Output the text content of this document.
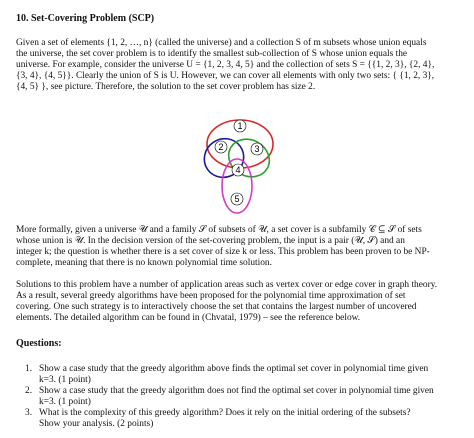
10. Set-Covering Problem (SCP)
Given a set of elements {1, 2, …, n} (called the universe) and a collection S of m subsets whose union equals
the universe, the set cover problem is to identify the smallest sub-collection of S whose union equals the
universe. For example, consider the universe U = {1, 2, 3, 4, 5} and the collection of sets S = {{1, 2, 3}, {2, 4},
{3, 4}, {4, 5}}. Clearly the union of S is U. However, we can cover all elements with only two sets: { {1, 2, 3},
{4, 5} }, see picture. Therefore, the solution to the set cover problem has size 2.
1
2	3
4
5
More formally, given a universe 𝒰 and a family 𝒮 of subsets of 𝒰, a set cover is a subfamily 𝒞 ⊆ 𝒮 of sets
whose union is 𝒰. In the decision version of the set-covering problem, the input is a pair (𝒰, 𝒮) and an
integer k; the question is whether there is a set cover of size k or less. This problem has been proven to be NP-
complete, meaning that there is no known polynomial time solution.
Solutions to this problem have a number of application areas such as vertex cover or edge cover in graph theory.
As a result, several greedy algorithms have been proposed for the polynomial time approximation of set
covering. One such strategy is to interactively choose the set that contains the largest number of uncovered
elements. The detailed algorithm can be found in (Chvatal, 1979) – see the reference below.
Questions:
1. Show a case study that the greedy algorithm above finds the optimal set cover in polynomial time given
k=3. (1 point)
2. Show a case study that the greedy algorithm does not find the optimal set cover in polynomial time given
k=3. (1 point)
3. What is the complexity of this greedy algorithm? Does it rely on the initial ordering of the subsets?
Show your analysis. (2 points)
